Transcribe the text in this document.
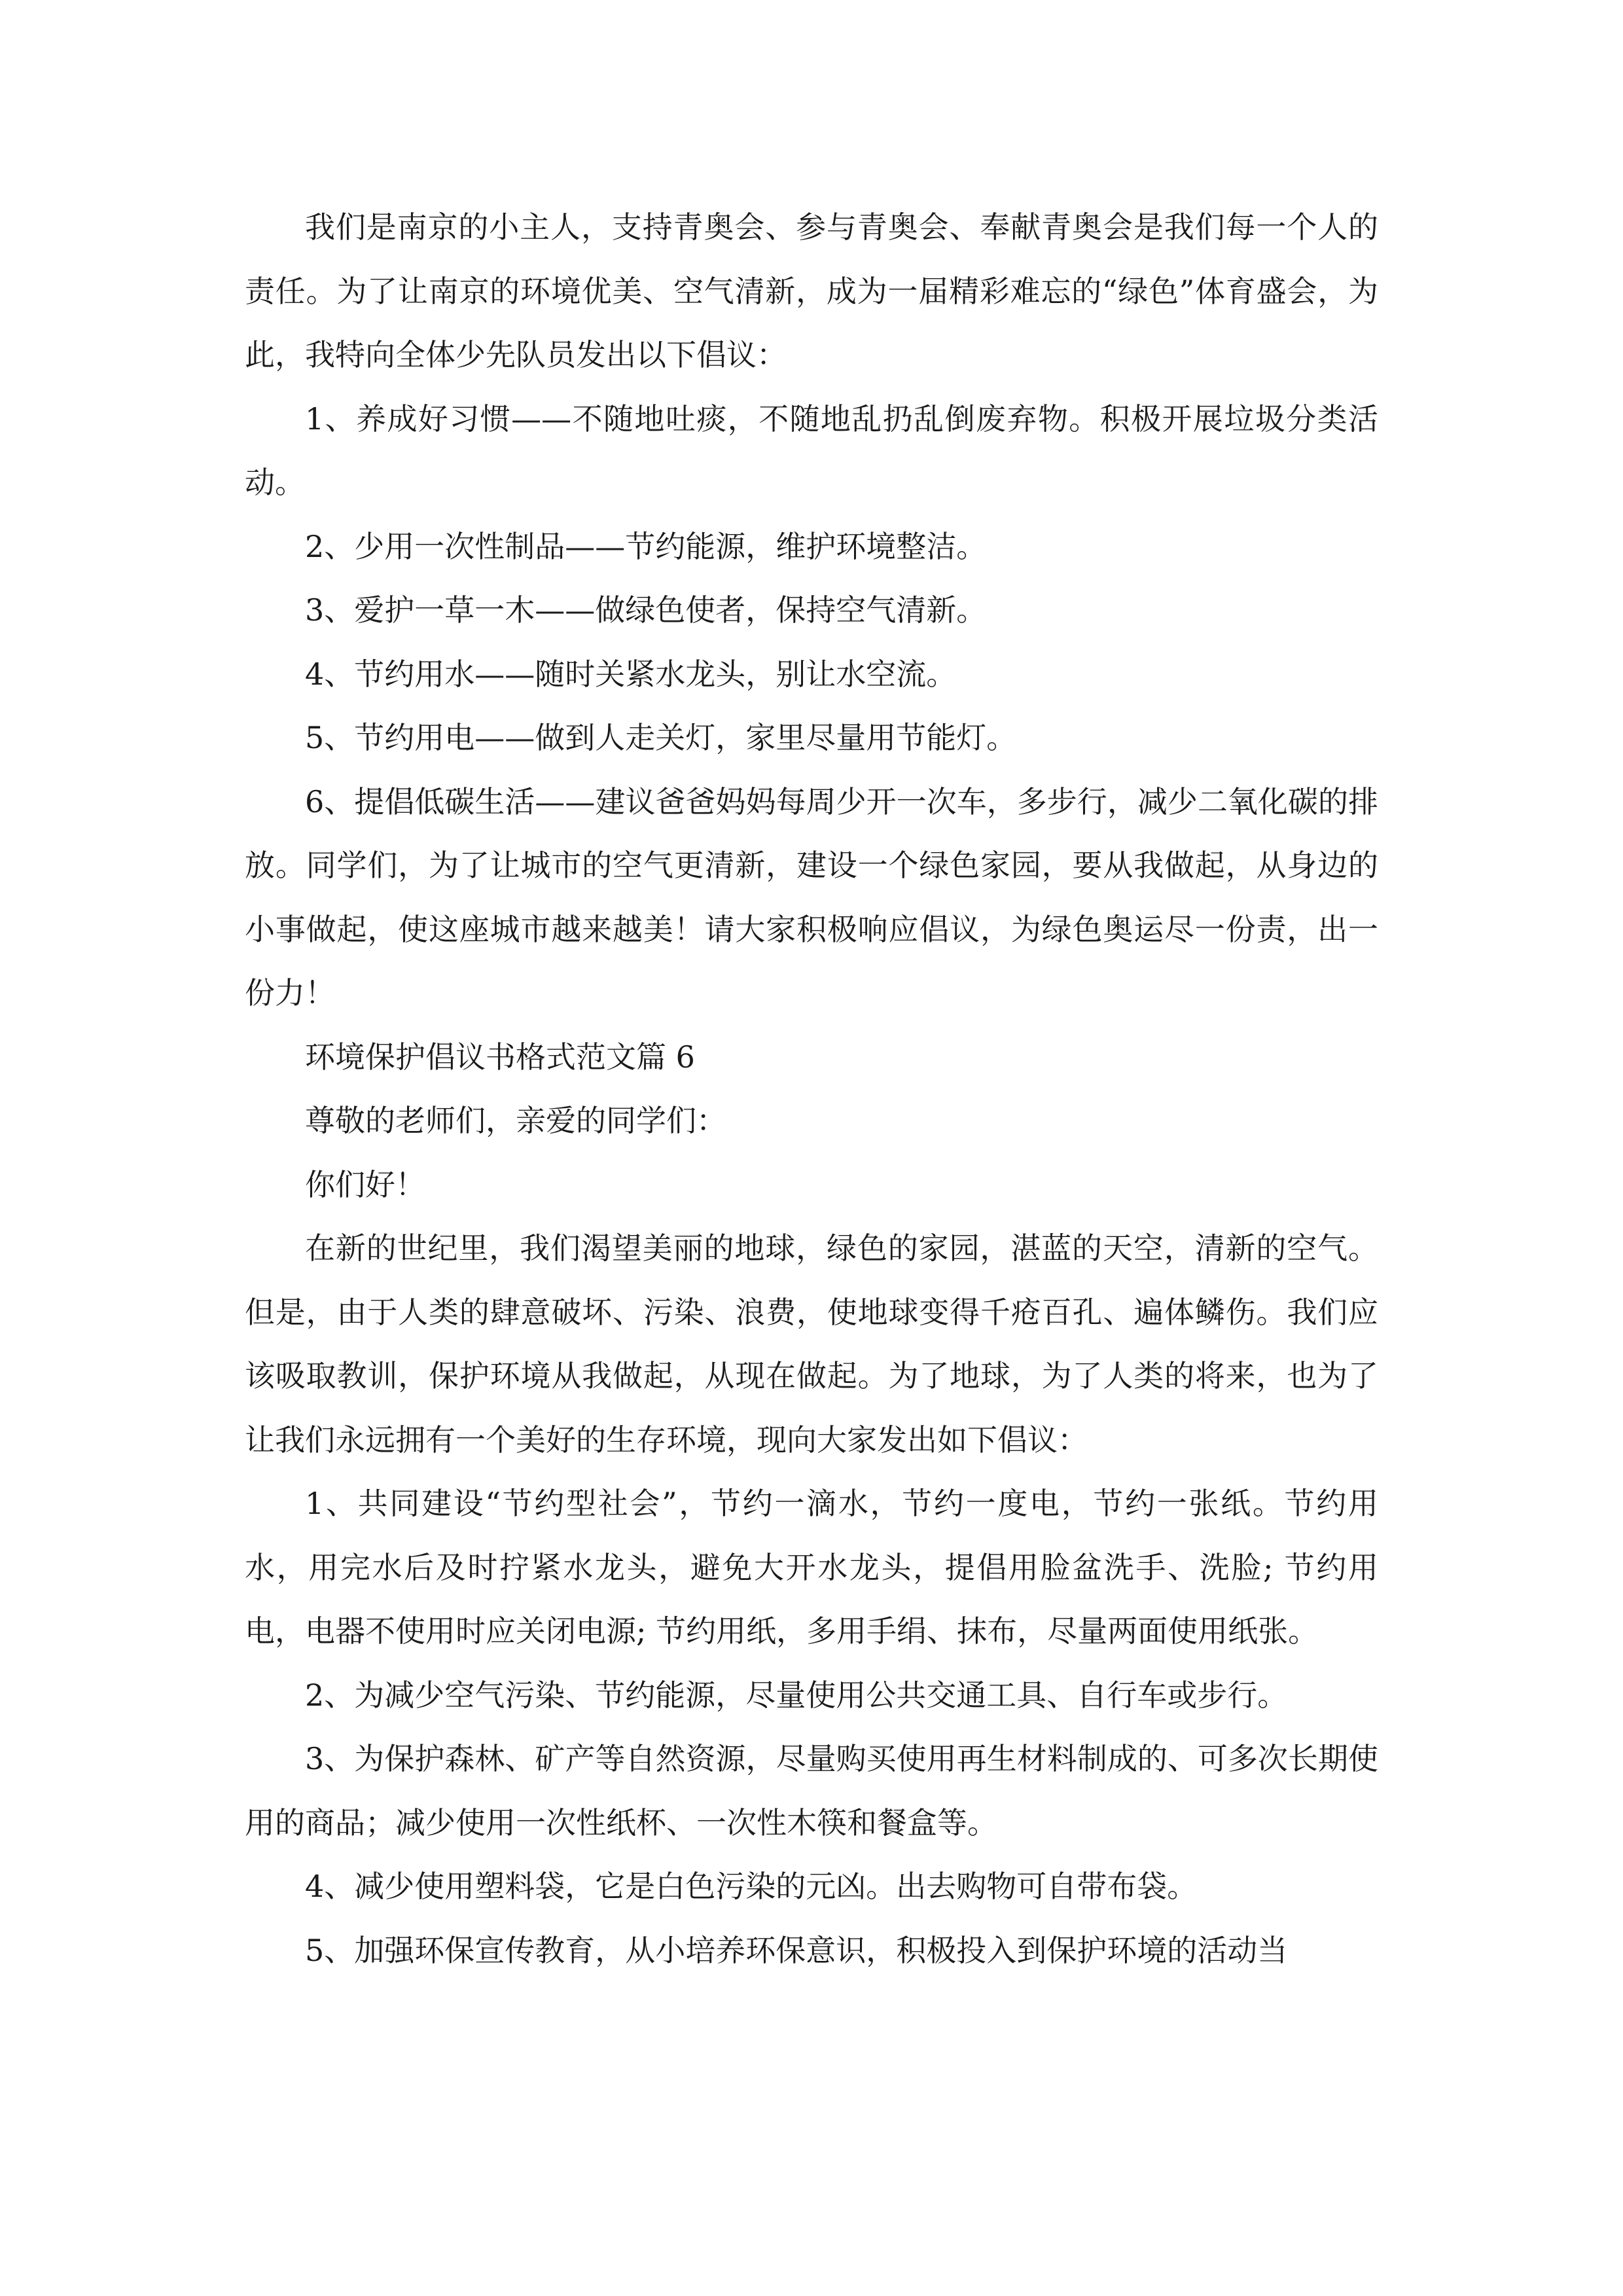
我们是南京的小主人，支持青奥会、参与青奥会、奉献青奥会是我们每一个人的责任。为了让南京的环境优美、空气清新，成为一届精彩难忘的“绿色”体育盛会，为此，我特向全体少先队员发出以下倡议：

1、养成好习惯——不随地吐痰，不随地乱扔乱倒废弃物。积极开展垃圾分类活动。

2、少用一次性制品——节约能源，维护环境整洁。

3、爱护一草一木——做绿色使者，保持空气清新。

4、节约用水——随时关紧水龙头，别让水空流。

5、节约用电——做到人走关灯，家里尽量用节能灯。

6、提倡低碳生活——建议爸爸妈妈每周少开一次车，多步行，减少二氧化碳的排放。同学们，为了让城市的空气更清新，建设一个绿色家园，要从我做起，从身边的小事做起，使这座城市越来越美！请大家积极响应倡议，为绿色奥运尽一份责，出一份力！

环境保护倡议书格式范文篇 6

尊敬的老师们，亲爱的同学们：

你们好！

在新的世纪里，我们渴望美丽的地球，绿色的家园，湛蓝的天空，清新的空气。但是，由于人类的肆意破坏、污染、浪费，使地球变得千疮百孔、遍体鳞伤。我们应该吸取教训，保护环境从我做起，从现在做起。为了地球，为了人类的将来，也为了让我们永远拥有一个美好的生存环境，现向大家发出如下倡议：

1、共同建设“节约型社会”，节约一滴水，节约一度电，节约一张纸。节约用水，用完水后及时拧紧水龙头，避免大开水龙头，提倡用脸盆洗手、洗脸; 节约用电，电器不使用时应关闭电源; 节约用纸，多用手绢、抹布，尽量两面使用纸张。

2、为减少空气污染、节约能源，尽量使用公共交通工具、自行车或步行。

3、为保护森林、矿产等自然资源，尽量购买使用再生材料制成的、可多次长期使用的商品；减少使用一次性纸杯、一次性木筷和餐盒等。

4、减少使用塑料袋，它是白色污染的元凶。出去购物可自带布袋。

5、加强环保宣传教育，从小培养环保意识，积极投入到保护环境的活动当
